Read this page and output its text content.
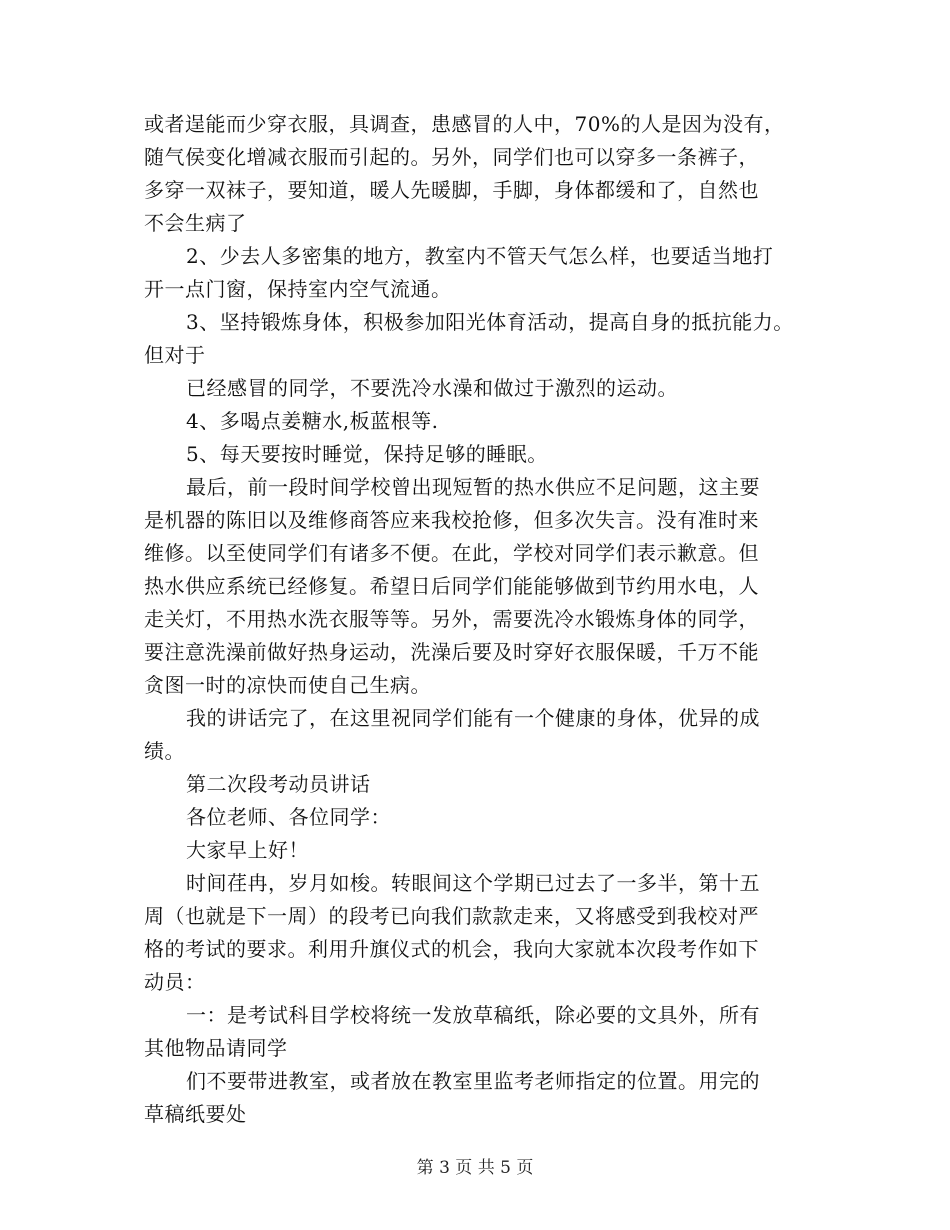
或者逞能而少穿衣服，具调查，患感冒的人中，70%的人是因为没有，
随气侯变化增减衣服而引起的。另外，同学们也可以穿多一条裤子，
多穿一双袜子，要知道，暖人先暖脚，手脚，身体都缓和了，自然也
不会生病了
2、少去人多密集的地方，教室内不管天气怎么样，也要适当地打
开一点门窗，保持室内空气流通。
3、坚持锻炼身体，积极参加阳光体育活动，提高自身的抵抗能力。
但对于
已经感冒的同学，不要洗冷水澡和做过于激烈的运动。
4、多喝点姜糖水,板蓝根等.
5、每天要按时睡觉，保持足够的睡眠。
最后，前一段时间学校曾出现短暂的热水供应不足问题，这主要
是机器的陈旧以及维修商答应来我校抢修，但多次失言。没有准时来
维修。以至使同学们有诸多不便。在此，学校对同学们表示歉意。但
热水供应系统已经修复。希望日后同学们能能够做到节约用水电，人
走关灯，不用热水洗衣服等等。另外，需要洗冷水锻炼身体的同学，
要注意洗澡前做好热身运动，洗澡后要及时穿好衣服保暖，千万不能
贪图一时的凉快而使自己生病。
我的讲话完了，在这里祝同学们能有一个健康的身体，优异的成
绩。
第二次段考动员讲话
各位老师、各位同学：
大家早上好！
时间荏冉，岁月如梭。转眼间这个学期已过去了一多半，第十五
周（也就是下一周）的段考已向我们款款走来，又将感受到我校对严
格的考试的要求。利用升旗仪式的机会，我向大家就本次段考作如下
动员：
一：是考试科目学校将统一发放草稿纸，除必要的文具外，所有
其他物品请同学
们不要带进教室，或者放在教室里监考老师指定的位置。用完的
草稿纸要处
第 3 页 共 5 页
